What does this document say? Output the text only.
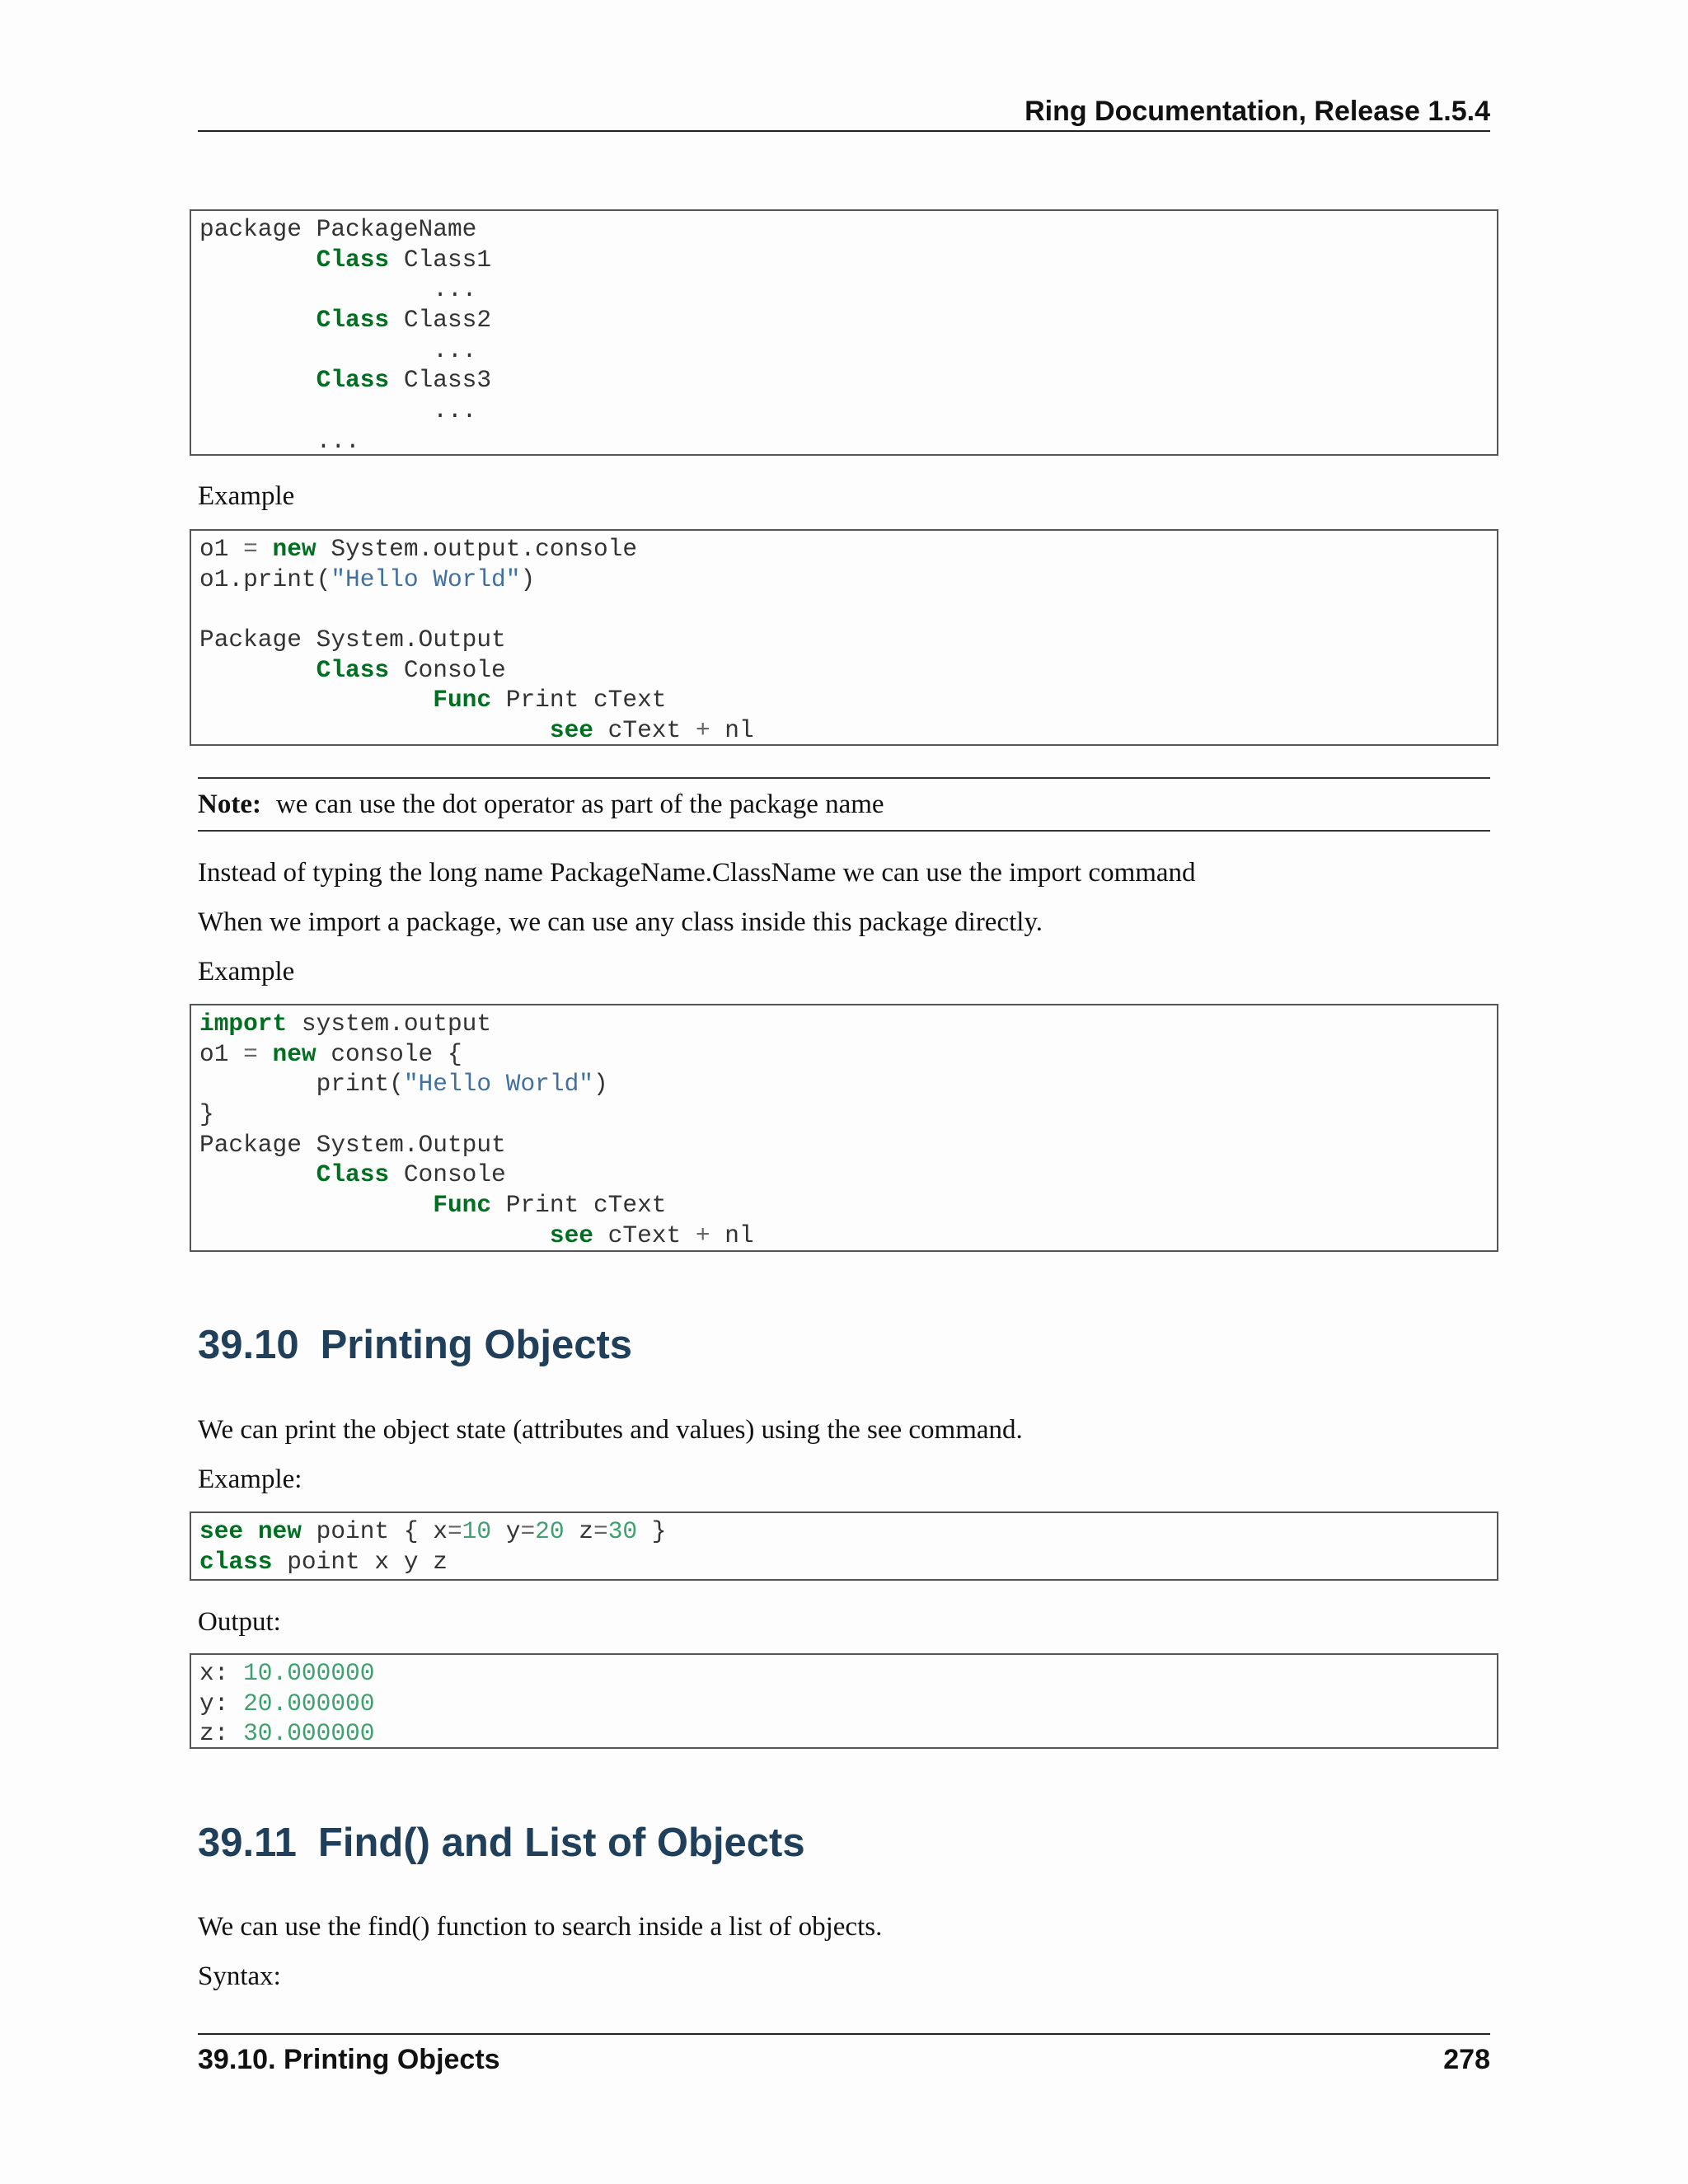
Ring Documentation, Release 1.5.4
package PackageName
Class Class1
...
Class Class2
...
Class Class3
...
...

Example

o1 = new System.output.console
o1.print("Hello World")
Package System.Output
Class Console
Func Print cText
see cText + nl
Note: we can use the dot operator as part of the package name

Instead of typing the long name PackageName.ClassName we can use the import command

When we import a package, we can use any class inside this package directly.

Example

import system.output
o1 = new console {
print("Hello World")
}
Package System.Output
Class Console
Func Print cText
see cText + nl
39.10 Printing Objects

We can print the object state (attributes and values) using the see command.

Example:

see new point { x=10 y=20 z=30 }
class point x y z

Output:

x: 10.000000
y: 20.000000
z: 30.000000
39.11 Find() and List of Objects

We can use the find() function to search inside a list of objects.

Syntax:

39.10. Printing Objects	278
